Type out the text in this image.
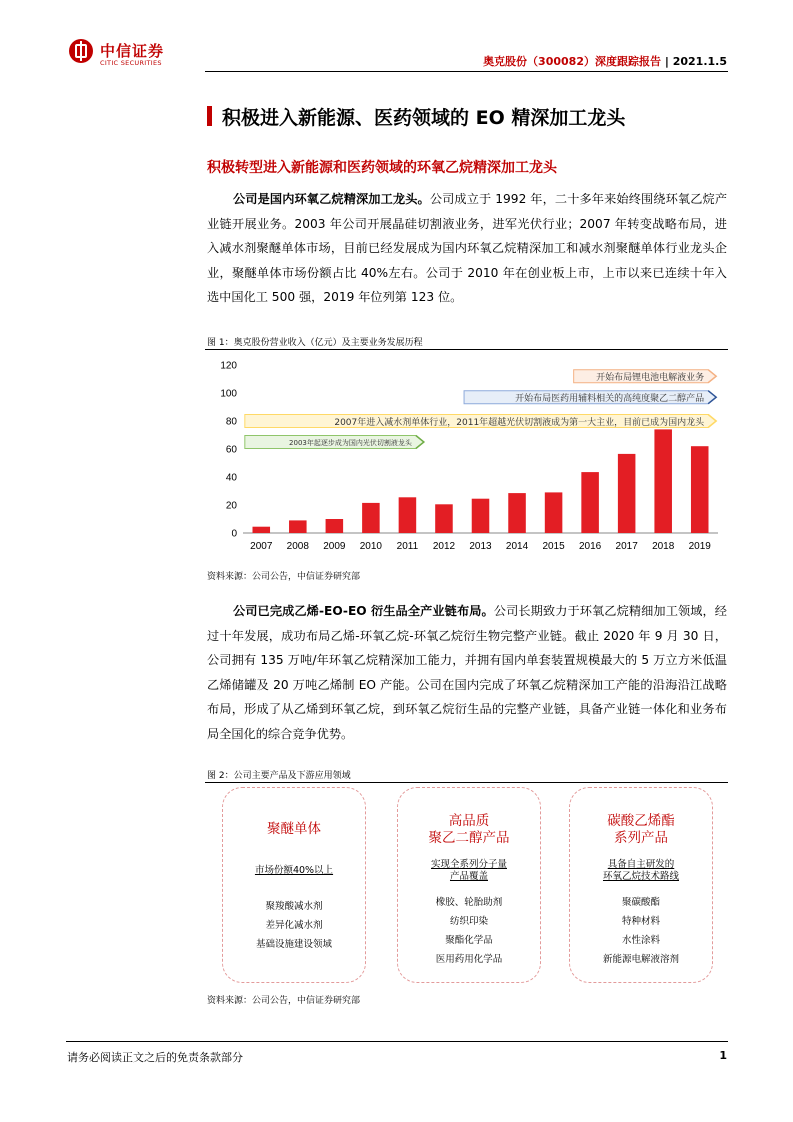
中信证券
CITIC SECURITIES	奥克股份（300082）深度跟踪报告 | 2021.1.5
积极进入新能源、医药领域的 EO 精深加工龙头
积极转型进入新能源和医药领域的环氧乙烷精深加工龙头
公司是国内环氧乙烷精深加工龙头。公司成立于 1992 年，二十多年来始终围绕环氧乙烷产业链开展业务。2003 年公司开展晶硅切割液业务，进军光伏行业；2007 年转变战略布局，进入减水剂聚醚单体市场，目前已经发展成为国内环氧乙烷精深加工和减水剂聚醚单体行业龙头企业，聚醚单体市场份额占比 40%左右。公司于 2010 年在创业板上市，上市以来已连续十年入选中国化工 500 强，2019 年位列第 123 位。
图 1：奥克股份营业收入（亿元）及主要业务发展历程
0
20
40
60
80
100
120
2007 2008 2009 2010 2011 2012 2013 2014 2015 2016 2017 2018 2019
开始布局锂电池电解液业务
开始布局医药用辅料相关的高纯度聚乙二醇产品
2007年进入减水剂单体行业，2011年超越光伏切割液成为第一大主业，目前已成为国内龙头
2003年起逐步成为国内光伏切割液龙头
资料来源：公司公告，中信证券研究部
公司已完成乙烯-EO-EO 衍生品全产业链布局。公司长期致力于环氧乙烷精细加工领域，经过十年发展，成功布局乙烯-环氧乙烷-环氧乙烷衍生物完整产业链。截止 2020 年 9 月 30 日，公司拥有 135 万吨/年环氧乙烷精深加工能力，并拥有国内单套装置规模最大的 5 万立方米低温乙烯储罐及 20 万吨乙烯制 EO 产能。公司在国内完成了环氧乙烷精深加工产能的沿海沿江战略布局，形成了从乙烯到环氧乙烷，到环氧乙烷衍生品的完整产业链，具备产业链一体化和业务布局全国化的综合竞争优势。
图 2：公司主要产品及下游应用领域
聚醚单体
市场份额40%以上
聚羧酸减水剂
差异化减水剂
基础设施建设领域
高品质
聚乙二醇产品
实现全系列分子量
产品覆盖
橡胶、轮胎助剂
纺织印染
聚酯化学品
医用药用化学品
碳酸乙烯酯
系列产品
具备自主研发的
环氧乙烷技术路线
聚碳酸酯
特种材料
水性涂料
新能源电解液溶剂
资料来源：公司公告，中信证券研究部
请务必阅读正文之后的免责条款部分	1
